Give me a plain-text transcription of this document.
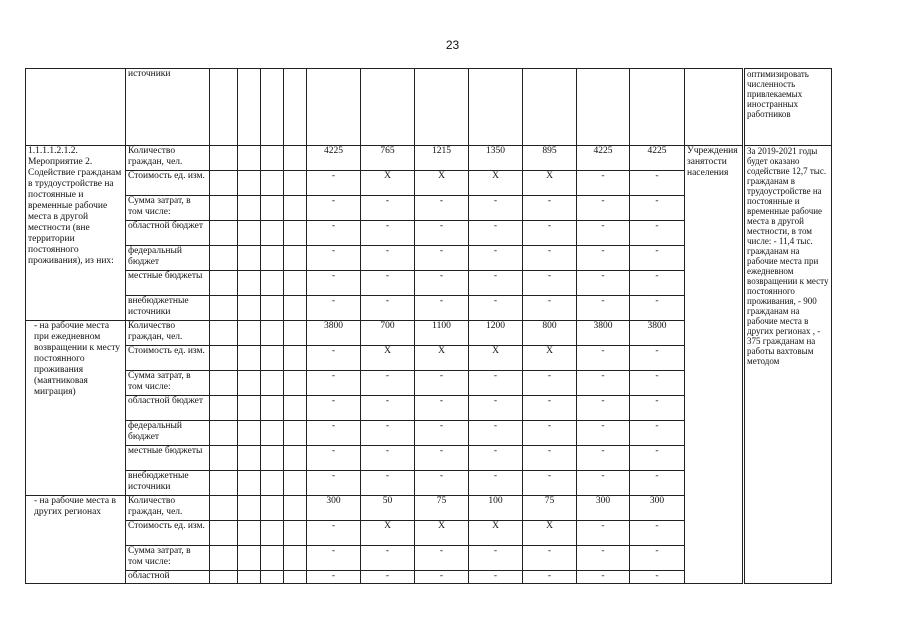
23
	источники													оптимизировать численность привлекаемых иностранных работников
1.1.1.1.2.1.2. Мероприятие 2. Содействие гражданам в трудоустройстве на постоянные и временные рабочие места в другой местности (вне территории постоянного проживания), из них:	Количество граждан, чел.					4225	765	1215	1350	895	4225	4225	Учреждения занятости населения	За 2019-2021 годы будет оказано содействие 12,7 тыс. гражданам в трудоустройстве на постоянные и временные рабочие места в другой местности, в том числе: - 11,4 тыс. гражданам на рабочие места при ежедневном возвращении к месту постоянного проживания, - 900 гражданам на рабочие места в других регионах , - 375 гражданам на работы вахтовым методом
	Стоимость ед. изм.					-	X	X	X	X	-	-		
	Сумма затрат, в том числе:					-	-	-	-	-	-	-		
	областной бюджет					-	-	-	-	-	-	-		
	федеральный бюджет					-	-	-	-	-	-	-		
	местные бюджеты					-	-	-	-	-	-	-		
	внебюджетные источники					-	-	-	-	-	-	-		
- на рабочие места при ежедневном возвращении к месту постоянного проживания (маятниковая миграция)	Количество граждан, чел.					3800	700	1100	1200	800	3800	3800		
	Стоимость ед. изм.					-	X	X	X	X	-	-		
	Сумма затрат, в том числе:					-	-	-	-	-	-	-		
	областной бюджет					-	-	-	-	-	-	-		
	федеральный бюджет					-	-	-	-	-	-	-		
	местные бюджеты					-	-	-	-	-	-	-		
	внебюджетные источники					-	-	-	-	-	-	-		
- на рабочие места в других регионах	Количество граждан, чел.					300	50	75	100	75	300	300		
	Стоимость ед. изм.					-	X	X	X	X	-	-		
	Сумма затрат, в том числе:					-	-	-	-	-	-	-		
	областной					-	-	-	-	-	-	-		
